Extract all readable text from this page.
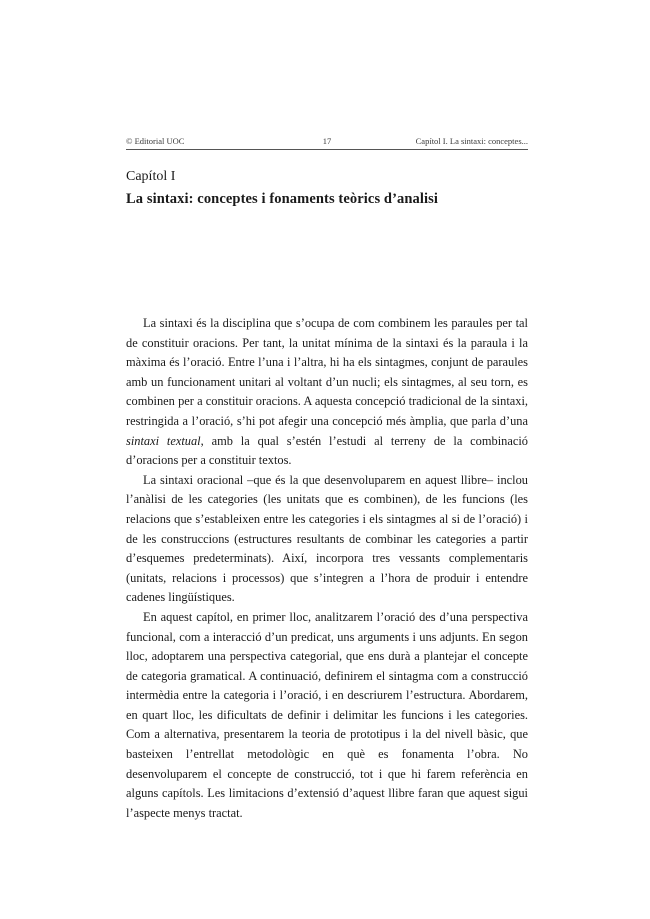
© Editorial UOC	17	Capítol I. La sintaxi: conceptes...
Capítol I
La sintaxi: conceptes i fonaments teòrics d’analisi

La sintaxi és la disciplina que s’ocupa de com combinem les paraules per tal de constituir oracions. Per tant, la unitat mínima de la sintaxi és la paraula i la màxima és l’oració. Entre l’una i l’altra, hi ha els sintagmes, conjunt de paraules amb un funcionament unitari al voltant d’un nucli; els sintagmes, al seu torn, es combinen per a constituir oracions. A aquesta concepció tradicional de la sintaxi, restringida a l’oració, s’hi pot afegir una concepció més àmplia, que parla d’una sintaxi textual, amb la qual s’estén l’estudi al terreny de la combinació d’oracions per a constituir textos.

La sintaxi oracional –que és la que desenvoluparem en aquest llibre– inclou l’anàlisi de les categories (les unitats que es combinen), de les funcions (les relacions que s’estableixen entre les categories i els sintagmes al si de l’oració) i de les construccions (estructures resultants de combinar les categories a partir d’esquemes predeterminats). Així, incorpora tres vessants complementaris (unitats, relacions i processos) que s’integren a l’hora de produir i entendre cadenes lingüístiques.

En aquest capítol, en primer lloc, analitzarem l’oració des d’una perspectiva funcional, com a interacció d’un predicat, uns arguments i uns adjunts. En segon lloc, adoptarem una perspectiva categorial, que ens durà a plantejar el concepte de categoria gramatical. A continuació, definirem el sintagma com a construcció intermèdia entre la categoria i l’oració, i en descriurem l’estructura. Abordarem, en quart lloc, les dificultats de definir i delimitar les funcions i les categories. Com a alternativa, presentarem la teoria de prototipus i la del nivell bàsic, que basteixen l’entrellat metodològic en què es fonamenta l’obra. No desenvoluparem el concepte de construcció, tot i que hi farem referència en alguns capítols. Les limitacions d’extensió d’aquest llibre faran que aquest sigui l’aspecte menys tractat.
